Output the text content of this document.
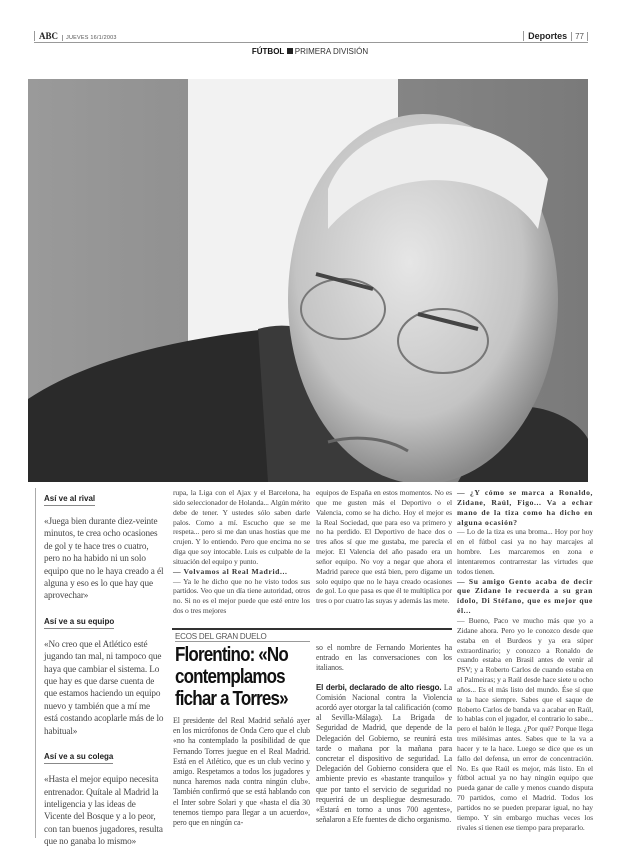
ABC JUEVES 16/1/2003	Deportes 77
FÚTBOL PRIMERA DIVISIÓN
Así ve al rival

«Juega bien durante diez-veinte minutos, te crea ocho ocasiones de gol y te hace tres o cuatro, pero no ha habido ni un solo equipo que no le haya creado a él alguna y eso es lo que hay que aprovechar»

Así ve a su equipo

«No creo que el Atlético esté jugando tan mal, ni tampoco que haya que cambiar el sistema. Lo que hay es que darse cuenta de que estamos haciendo un equipo nuevo y también que a mí me está costando acoplarle más de lo habitual»

Así ve a su colega

«Hasta el mejor equipo necesita entrenador. Quítale al Madrid la inteligencia y las ideas de Vicente del Bosque y a lo peor, con tan buenos jugadores, resulta que no ganaba lo mismo»

rupa, la Liga con el Ajax y el Barcelona, ha sido seleccionador de Holanda... Algún mérito debe de tener. Y ustedes sólo saben darle palos. Como a mí. Escucho que se me respeta... pero si me dan unas hostias que me crujen. Y lo entiendo. Pero que encima no se diga que soy intocable. Luis es culpable de la situación del equipo y punto.

— Volvamos al Real Madrid...

— Ya le he dicho que no he visto todos sus partidos. Veo que un día tiene autoridad, otros no. Si no es el mejor puede que esté entre los dos o tres mejores

equipos de España en estos momentos. No es que me gusten más el Deportivo o el Valencia, como se ha dicho. Hoy el mejor es la Real Sociedad, que para eso va primero y no ha perdido. El Deportivo de hace dos o tres años sí que me gustaba, me parecía el mejor. El Valencia del año pasado era un señor equipo. No voy a negar que ahora el Madrid parece que está bien, pero dígame un solo equipo que no le haya creado ocasiones de gol. Lo que pasa es que él te multiplica por tres o por cuatro las suyas y además las mete.

— ¿Y cómo se marca a Ronaldo, Zidane, Raúl, Figo... Va a echar mano de la tiza como ha dicho en alguna ocasión?

— Lo de la tiza es una broma... Hoy por hoy en el fútbol casi ya no hay marcajes al hombre. Les marcaremos en zona e intentaremos contrarrestar las virtudes que todos tienen.

— Su amigo Gento acaba de decir que Zidane le recuerda a su gran ídolo, Di Stéfano, que es mejor que él...

— Bueno, Paco ve mucho más que yo a Zidane ahora. Pero yo le conozco desde que estaba en el Burdeos y ya era súper extraordinario; y conozco a Ronaldo de cuando estaba en Brasil antes de venir al PSV; y a Roberto Carlos de cuando estaba en el Palmeiras; y a Raúl desde hace siete u ocho años... Es el más listo del mundo. Ése sí que te la hace siempre. Sabes que el saque de Roberto Carlos de banda va a acabar en Raúl, lo hablas con el jugador, el contrario lo sabe... pero el balón le llega. ¿Por qué? Porque llega tres milésimas antes. Sabes que te la va a hacer y te la hace. Luego se dice que es un fallo del defensa, un error de concentración. No. Es que Raúl es mejor, más listo. En el fútbol actual ya no hay ningún equipo que pueda ganar de calle y menos cuando disputa 70 partidos, como el Madrid. Todos los partidos no se pueden preparar igual, no hay tiempo. Y sin embargo muchas veces los rivales sí tienen ese tiempo para prepararlo.

ECOS DEL GRAN DUELO
Florentino: «No contemplamos fichar a Torres»

El presidente del Real Madrid señaló ayer en los micrófonos de Onda Cero que el club «no ha contemplado la posibilidad de que Fernando Torres juegue en el Real Madrid. Está en el Atlético, que es un club vecino y amigo. Respetamos a todos los jugadores y nunca haremos nada contra ningún club». También confirmó que se está hablando con el Inter sobre Solari y que «hasta el día 30 tenemos tiempo para llegar a un acuerdo», pero que en ningún ca-

so el nombre de Fernando Morientes ha entrado en las conversaciones con los italianos.

El derbi, declarado de alto riesgo. La Comisión Nacional contra la Violencia acordó ayer otorgar la tal calificación (como al Sevilla-Málaga). La Brigada de Seguridad de Madrid, que depende de la Delegación del Gobierno, se reunirá esta tarde o mañana por la mañana para concretar el dispositivo de seguridad. La Delegación del Gobierno considera que el ambiente previo es «bastante tranquilo» y que por tanto el servicio de seguridad no requerirá de un despliegue desmesurado. «Estará en torno a unos 700 agentes», señalaron a Efe fuentes de dicho organismo.
